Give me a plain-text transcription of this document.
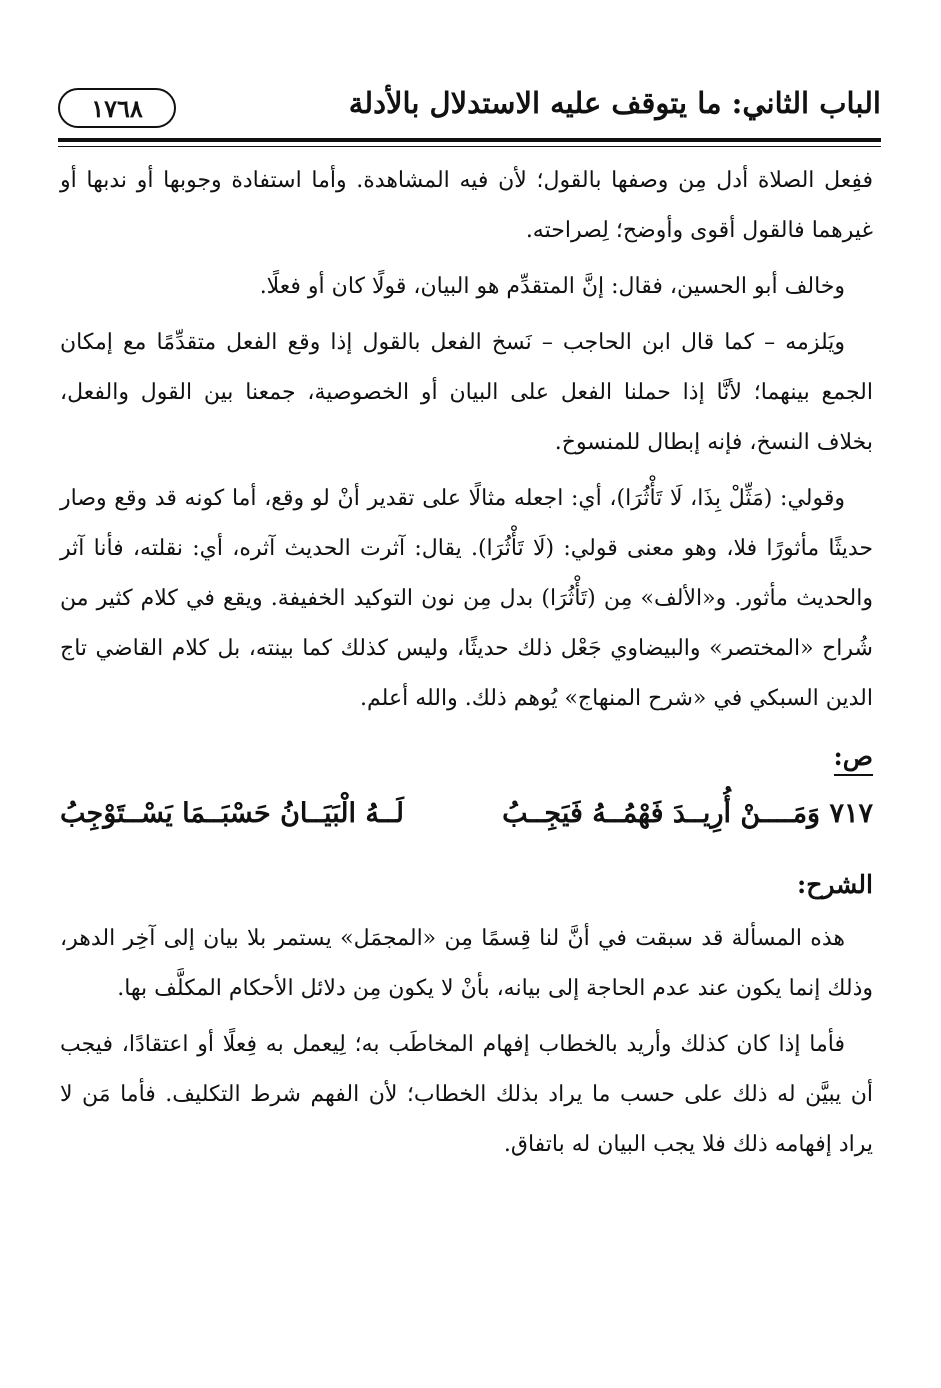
١٧٦٨	الباب الثاني: ما يتوقف عليه الاستدلال بالأدلة

ففِعل الصلاة أدل مِن وصفها بالقول؛ لأن فيه المشاهدة. وأما استفادة وجوبها أو ندبها أو غيرهما فالقول أقوى وأوضح؛ لِصراحته.

وخالف أبو الحسين، فقال: إنَّ المتقدِّم هو البيان، قولًا كان أو فعلًا.

ويَلزمه – كما قال ابن الحاجب – نَسخ الفعل بالقول إذا وقع الفعل متقدِّمًا مع إمكان الجمع بينهما؛ لأنَّا إذا حملنا الفعل على البيان أو الخصوصية، جمعنا بين القول والفعل، بخلاف النسخ، فإنه إبطال للمنسوخ.

وقولي: (مَثِّلْ بِذَا، لَا تَأْثُرَا)، أي: اجعله مثالًا على تقدير أنْ لو وقع، أما كونه قد وقع وصار حديثًا مأثورًا فلا، وهو معنى قولي: (لَا تَأْثُرَا). يقال: آثرت الحديث آثره، أي: نقلته، فأنا آثر والحديث مأثور. و«الألف» مِن (تَأْثُرَا) بدل مِن نون التوكيد الخفيفة. ويقع في كلام كثير من شُراح «المختصر» والبيضاوي جَعْل ذلك حديثًا، وليس كذلك كما بينته، بل كلام القاضي تاج الدين السبكي في «شرح المنهاج» يُوهم ذلك. والله أعلم.

ص:
٧١٧ وَمَــــنْ أُرِيــدَ فَهْمُــهُ فَيَجِــبُ
لَــهُ الْبَيَــانُ حَسْبَــمَا يَسْــتَوْجِبُ
الشرح:

هذه المسألة قد سبقت في أنَّ لنا قِسمًا مِن «المجمَل» يستمر بلا بيان إلى آخِر الدهر، وذلك إنما يكون عند عدم الحاجة إلى بيانه، بأنْ لا يكون مِن دلائل الأحكام المكلَّف بها.

فأما إذا كان كذلك وأريد بالخطاب إفهام المخاطَب به؛ لِيعمل به فِعلًا أو اعتقادًا، فيجب أن يبيَّن له ذلك على حسب ما يراد بذلك الخطاب؛ لأن الفهم شرط التكليف. فأما مَن لا يراد إفهامه ذلك فلا يجب البيان له باتفاق.
